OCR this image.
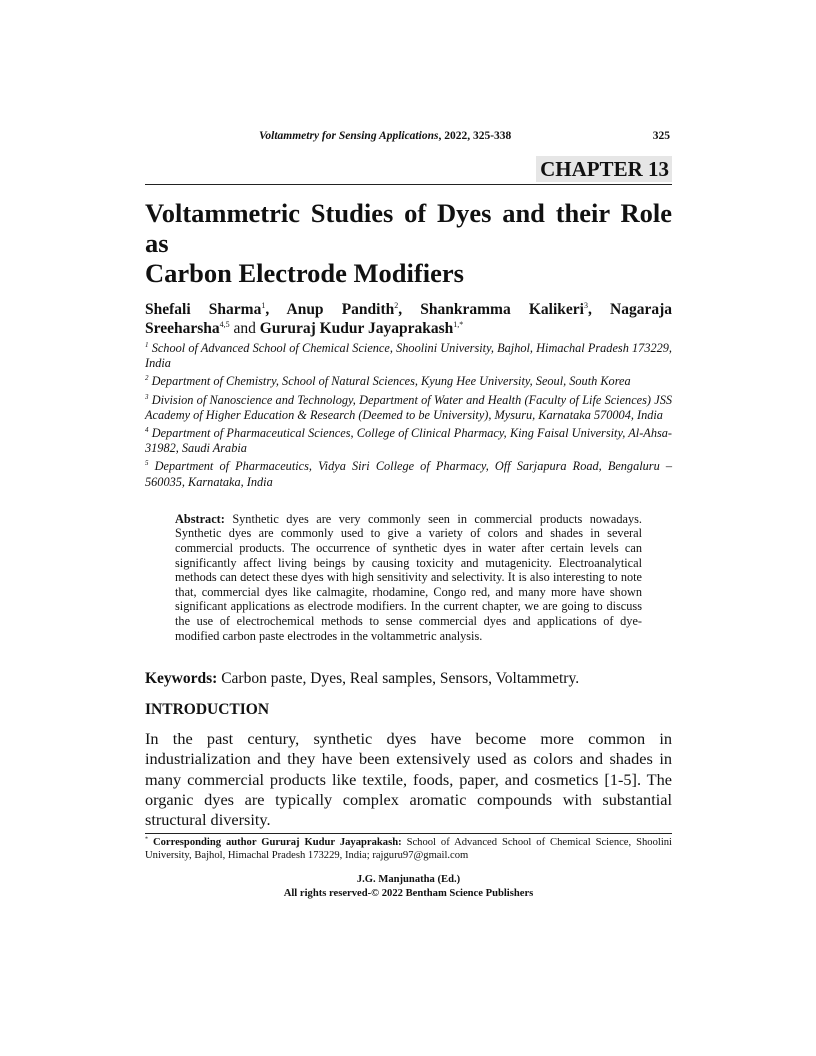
Voltammetry for Sensing Applications, 2022, 325-338	325
CHAPTER 13
Voltammetric Studies of Dyes and their Role as
Carbon Electrode Modifiers
Shefali Sharma$^1$, Anup Pandith$^2$, Shankramma Kalikeri$^3$, Nagaraja
Sreeharsha$^{4,5}$ and Gururaj Kudur Jayaprakash$^{1,*}$

$^1$ School of Advanced School of Chemical Science, Shoolini University, Bajhol, Himachal Pradesh 173229, India

$^2$ Department of Chemistry, School of Natural Sciences, Kyung Hee University, Seoul, South Korea

$^3$ Division of Nanoscience and Technology, Department of Water and Health (Faculty of Life Sciences) JSS Academy of Higher Education & Research (Deemed to be University), Mysuru, Karnataka 570004, India

$^4$ Department of Pharmaceutical Sciences, College of Clinical Pharmacy, King Faisal University, Al-Ahsa-31982, Saudi Arabia

$^5$ Department of Pharmaceutics, Vidya Siri College of Pharmacy, Off Sarjapura Road, Bengaluru – 560035, Karnataka, India

Abstract: Synthetic dyes are very commonly seen in commercial products nowadays. Synthetic dyes are commonly used to give a variety of colors and shades in several commercial products. The occurrence of synthetic dyes in water after certain levels can significantly affect living beings by causing toxicity and mutagenicity. Electroanalytical methods can detect these dyes with high sensitivity and selectivity. It is also interesting to note that, commercial dyes like calmagite, rhodamine, Congo red, and many more have shown significant applications as electrode modifiers. In the current chapter, we are going to discuss the use of electrochemical methods to sense commercial dyes and applications of dye-modified carbon paste electrodes in the voltammetric analysis.
Keywords: Carbon paste, Dyes, Real samples, Sensors, Voltammetry.
INTRODUCTION
In the past century, synthetic dyes have become more common in industrialization and they have been extensively used as colors and shades in many commercial products like textile, foods, paper, and cosmetics [1-5]. The organic dyes are typically complex aromatic compounds with substantial structural diversity.
* Corresponding author Gururaj Kudur Jayaprakash: School of Advanced School of Chemical Science, Shoolini University, Bajhol, Himachal Pradesh 173229, India; rajguru97@gmail.com
J.G. Manjunatha (Ed.)
All rights reserved-© 2022 Bentham Science Publishers
